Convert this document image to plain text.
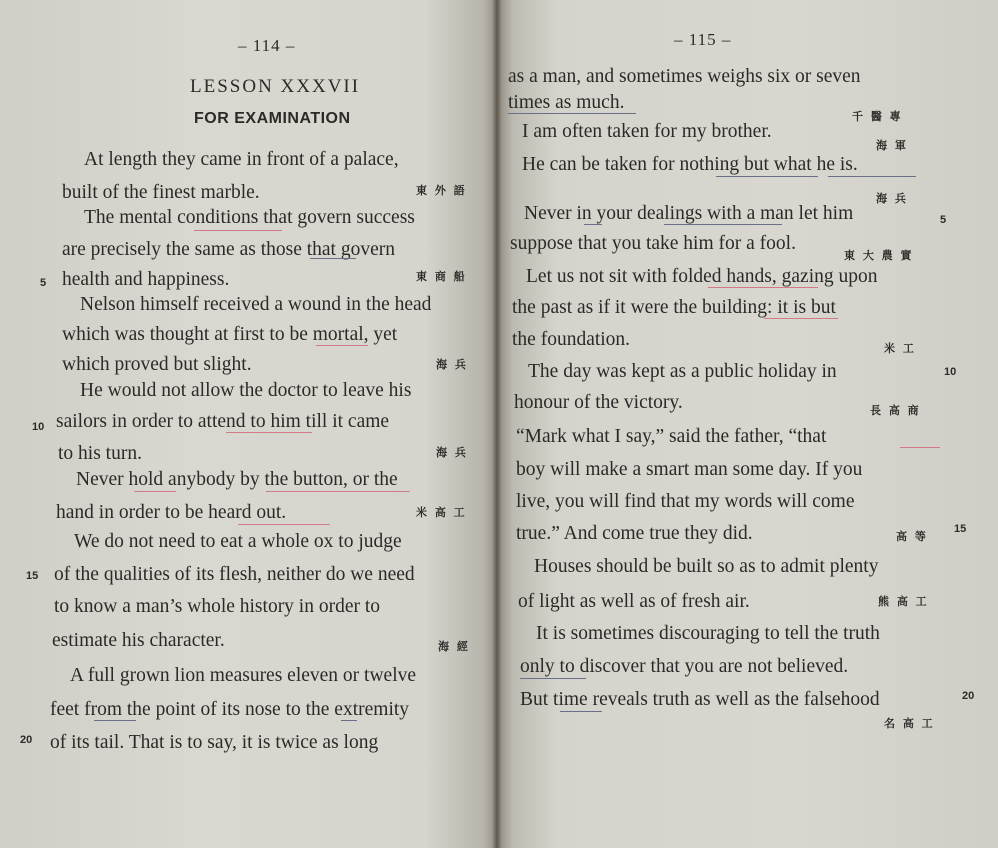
– 114 –
LESSON XXXVII
FOR EXAMINATION
At length they came in front of a palace,
built of the finest marble.
The mental conditions that govern success
are precisely the same as those that govern
health and happiness.
Nelson himself received a wound in the head
which was thought at first to be mortal, yet
which proved but slight.
He would not allow the doctor to leave his
sailors in order to attend to him till it came
to his turn.
Never hold anybody by the button, or the
hand in order to be heard out.
We do not need to eat a whole ox to judge
of the qualities of its flesh, neither do we need
to know a man’s whole history in order to
estimate his character.
A full grown lion measures eleven or twelve
feet from the point of its nose to the extremity
of its tail. That is to say, it is twice as long
東 外 語
東 商 船
海 兵
海 兵
米 高 工
海 經
5
10
15
20
– 115 –
as a man, and sometimes weighs six or seven
times as much.
I am often taken for my brother.
He can be taken for nothing but what he is.
Never in your dealings with a man let him
suppose that you take him for a fool.
Let us not sit with folded hands, gazing upon
the past as if it were the building: it is but
the foundation.
The day was kept as a public holiday in
honour of the victory.
“Mark what I say,” said the father, “that
boy will make a smart man some day. If you
live, you will find that my words will come
true.” And come true they did.
Houses should be built so as to admit plenty
of light as well as of fresh air.
It is sometimes discouraging to tell the truth
only to discover that you are not believed.
But time reveals truth as well as the falsehood
千 醫 專
海 軍
海 兵
東 大 農 實
米 工
長 高 商
高 等
熊 高 工
名 高 工
5
10
15
20
